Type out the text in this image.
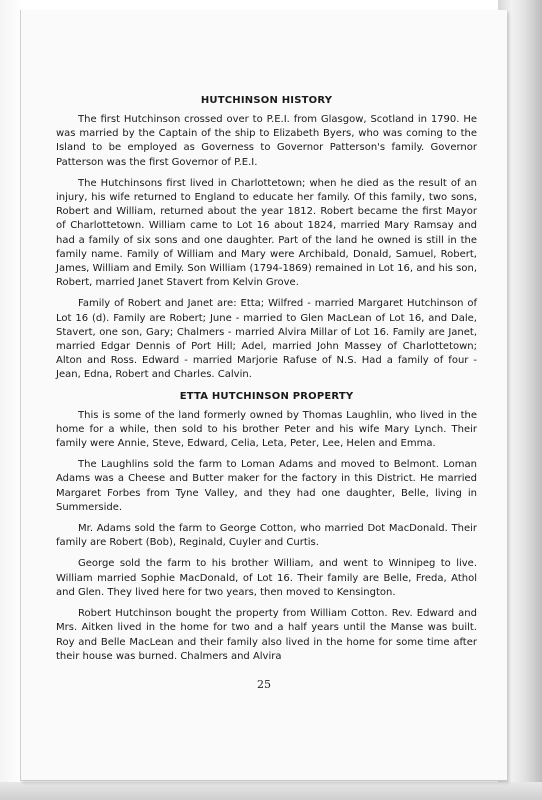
HUTCHINSON HISTORY

The first Hutchinson crossed over to P.E.I. from Glasgow, Scotland in 1790. He was married by the Captain of the ship to Elizabeth Byers, who was coming to the Island to be employed as Governess to Governor Patterson's family. Governor Patterson was the first Governor of P.E.I.

The Hutchinsons first lived in Charlottetown; when he died as the result of an injury, his wife returned to England to educate her family. Of this family, two sons, Robert and William, returned about the year 1812. Robert became the first Mayor of Charlottetown. William came to Lot 16 about 1824, married Mary Ramsay and had a family of six sons and one daughter. Part of the land he owned is still in the family name. Family of William and Mary were Archibald, Donald, Samuel, Robert, James, William and Emily. Son William (1794-1869) remained in Lot 16, and his son, Robert, married Janet Stavert from Kelvin Grove.

Family of Robert and Janet are: Etta; Wilfred - married Margaret Hutchinson of Lot 16 (d). Family are Robert; June - married to Glen MacLean of Lot 16, and Dale, Stavert, one son, Gary; Chalmers - married Alvira Millar of Lot 16. Family are Janet, married Edgar Dennis of Port Hill; Adel, married John Massey of Charlottetown; Alton and Ross. Edward - married Marjorie Rafuse of N.S. Had a family of four - Jean, Edna, Robert and Charles. Calvin.

ETTA HUTCHINSON PROPERTY

This is some of the land formerly owned by Thomas Laughlin, who lived in the home for a while, then sold to his brother Peter and his wife Mary Lynch. Their family were Annie, Steve, Edward, Celia, Leta, Peter, Lee, Helen and Emma.

The Laughlins sold the farm to Loman Adams and moved to Belmont. Loman Adams was a Cheese and Butter maker for the factory in this District. He married Margaret Forbes from Tyne Valley, and they had one daughter, Belle, living in Summerside.

Mr. Adams sold the farm to George Cotton, who married Dot MacDonald. Their family are Robert (Bob), Reginald, Cuyler and Curtis.

George sold the farm to his brother William, and went to Winnipeg to live. William married Sophie MacDonald, of Lot 16. Their family are Belle, Freda, Athol and Glen. They lived here for two years, then moved to Kensington.

Robert Hutchinson bought the property from William Cotton. Rev. Edward and Mrs. Aitken lived in the home for two and a half years until the Manse was built. Roy and Belle MacLean and their family also lived in the home for some time after their house was burned. Chalmers and Alvira

25
